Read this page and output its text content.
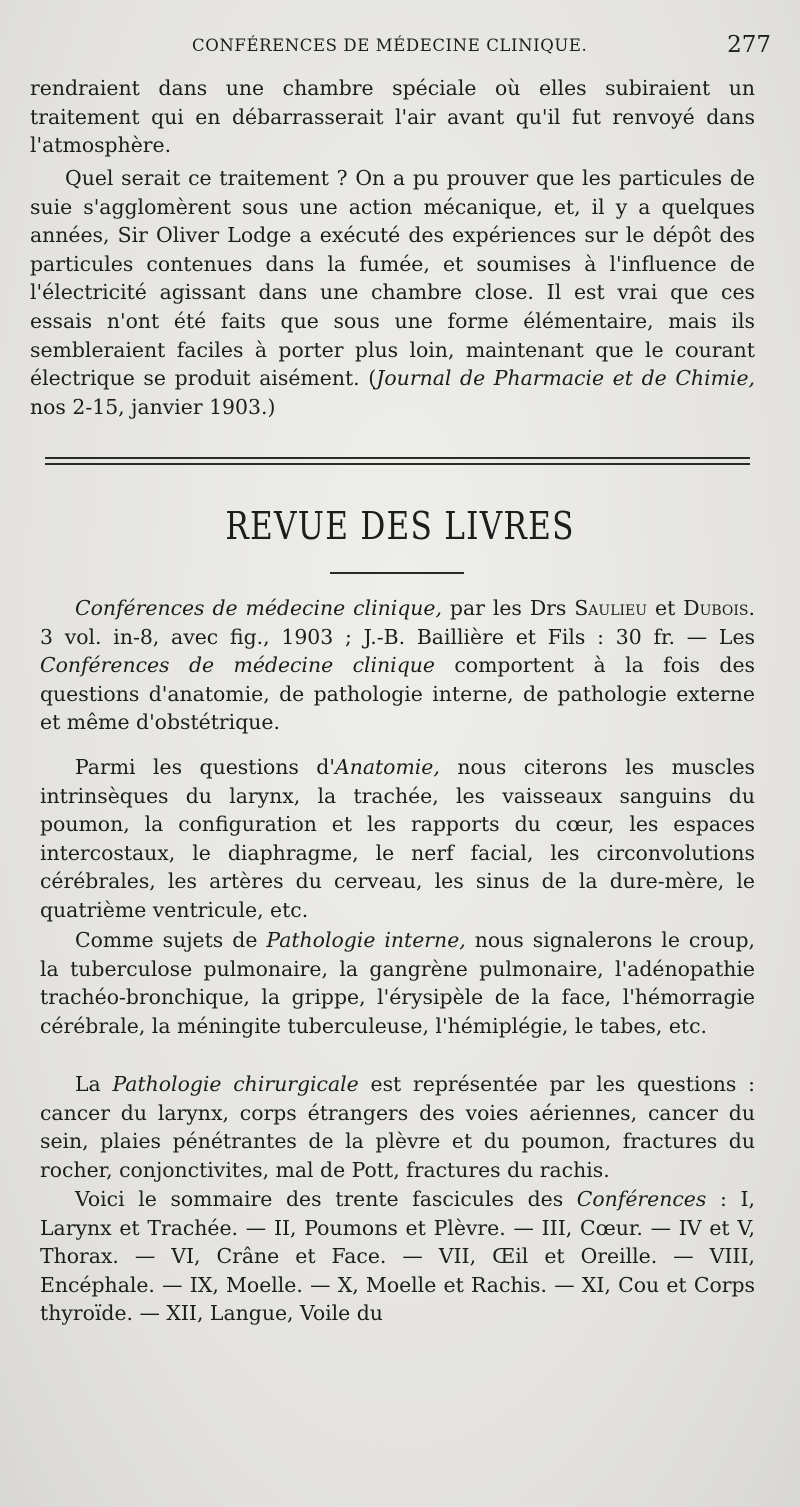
CONFÉRENCES DE MÉDECINE CLINIQUE.	277

rendraient dans une chambre spéciale où elles subiraient un traitement qui en débarrasserait l'air avant qu'il fut renvoyé dans l'atmosphère.

Quel serait ce traitement ? On a pu prouver que les particules de suie s'agglomèrent sous une action mécanique, et, il y a quelques années, Sir Oliver Lodge a exécuté des expériences sur le dépôt des particules contenues dans la fumée, et soumises à l'influence de l'électricité agissant dans une chambre close. Il est vrai que ces essais n'ont été faits que sous une forme élémentaire, mais ils sembleraient faciles à porter plus loin, maintenant que le courant électrique se produit aisément. (Journal de Pharmacie et de Chimie, nos 2-15, janvier 1903.)

REVUE DES LIVRES

Conférences de médecine clinique, par les Drs Saulieu et Dubois. 3 vol. in-8, avec fig., 1903 ; J.-B. Baillière et Fils : 30 fr. — Les Conférences de médecine clinique comportent à la fois des questions d'anatomie, de pathologie interne, de pathologie externe et même d'obstétrique.

Parmi les questions d'Anatomie, nous citerons les muscles intrinsèques du larynx, la trachée, les vaisseaux sanguins du poumon, la configuration et les rapports du cœur, les espaces intercostaux, le diaphragme, le nerf facial, les circonvolutions cérébrales, les artères du cerveau, les sinus de la dure-mère, le quatrième ventricule, etc.

Comme sujets de Pathologie interne, nous signalerons le croup, la tuberculose pulmonaire, la gangrène pulmonaire, l'adénopathie trachéo-bronchique, la grippe, l'érysipèle de la face, l'hémorragie cérébrale, la méningite tuberculeuse, l'hémiplégie, le tabes, etc.

La Pathologie chirurgicale est représentée par les questions : cancer du larynx, corps étrangers des voies aériennes, cancer du sein, plaies pénétrantes de la plèvre et du poumon, fractures du rocher, conjonctivites, mal de Pott, fractures du rachis.

Voici le sommaire des trente fascicules des Conférences : I, Larynx et Trachée. — II, Poumons et Plèvre. — III, Cœur. — IV et V, Thorax. — VI, Crâne et Face. — VII, Œil et Oreille. — VIII, Encéphale. — IX, Moelle. — X, Moelle et Rachis. — XI, Cou et Corps thyroïde. — XII, Langue, Voile du
